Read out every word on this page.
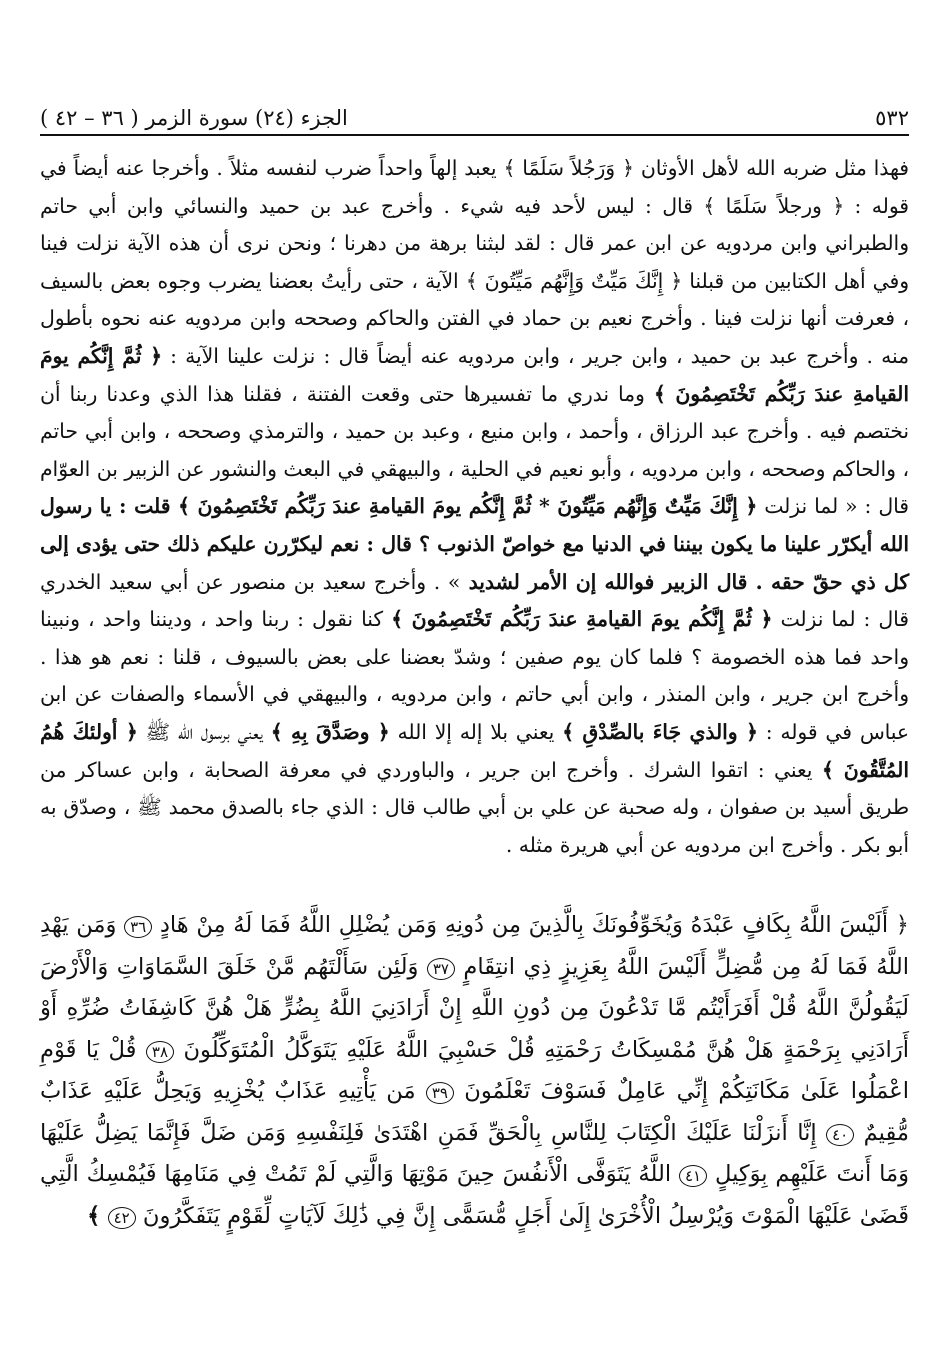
٥٣٢
الجزء (٢٤) سورة الزمر ( ٣٦ – ٤٢ )

فهذا مثل ضربه الله لأهل الأوثان ﴿ وَرَجُلاً سَلَمًا ﴾ يعبد إلهاً واحداً ضرب لنفسه مثلاً . وأخرجا عنه أيضاً في قوله : ﴿ ورجلاً سَلَمًا ﴾ قال : ليس لأحد فيه شيء . وأخرج عبد بن حميد والنسائي وابن أبي حاتم والطبراني وابن مردويه عن ابن عمر قال : لقد لبثنا برهة من دهرنا ؛ ونحن نرى أن هذه الآية نزلت فينا وفي أهل الكتابين من قبلنا ﴿ إِنَّكَ مَيِّتٌ وَإِنَّهُم مَيِّتُونَ ﴾ الآية ، حتى رأيتُ بعضنا يضرب وجوه بعض بالسيف ، فعرفت أنها نزلت فينا . وأخرج نعيم بن حماد في الفتن والحاكم وصححه وابن مردويه عنه نحوه بأطول منه . وأخرج عبد بن حميد ، وابن جرير ، وابن مردويه عنه أيضاً قال : نزلت علينا الآية : ﴿ ثُمَّ إِنَّكُم يومَ القيامةِ عندَ رَبِّكُم تَخْتَصِمُونَ ﴾ وما ندري ما تفسيرها حتى وقعت الفتنة ، فقلنا هذا الذي وعدنا ربنا أن نختصم فيه . وأخرج عبد الرزاق ، وأحمد ، وابن منيع ، وعبد بن حميد ، والترمذي وصححه ، وابن أبي حاتم ، والحاكم وصححه ، وابن مردويه ، وأبو نعيم في الحلية ، والبيهقي في البعث والنشور عن الزبير بن العوّام قال : « لما نزلت ﴿ إِنَّكَ مَيِّتٌ وَإِنَّهُم مَيِّتُونَ * ثُمَّ إِنَّكُم يومَ القيامةِ عندَ رَبِّكُم تَخْتَصِمُونَ ﴾ قلت : يا رسول الله أيكرّر علينا ما يكون بيننا في الدنيا مع خواصّ الذنوب ؟ قال : نعم ليكرّرن عليكم ذلك حتى يؤدى إلى كل ذي حقّ حقه . قال الزبير فوالله إن الأمر لشديد » . وأخرج سعيد بن منصور عن أبي سعيد الخدري قال : لما نزلت ﴿ ثُمَّ إِنَّكُم يومَ القيامةِ عندَ رَبِّكُم تَخْتَصِمُونَ ﴾ كنا نقول : ربنا واحد ، وديننا واحد ، ونبينا واحد فما هذه الخصومة ؟ فلما كان يوم صفين ؛ وشدّ بعضنا على بعض بالسيوف ، قلنا : نعم هو هذا . وأخرج ابن جرير ، وابن المنذر ، وابن أبي حاتم ، وابن مردويه ، والبيهقي في الأسماء والصفات عن ابن عباس في قوله : ﴿ والذي جَاءَ بالصِّدْقِ ﴾ يعني بلا إله إلا الله ﴿ وصَدَّقَ بِهِ ﴾ يعني برسول الله ﷺ ﴿ أولئكَ هُمُ المُتَّقُونَ ﴾ يعني : اتقوا الشرك . وأخرج ابن جرير ، والباوردي في معرفة الصحابة ، وابن عساكر من طريق أسيد بن صفوان ، وله صحبة عن علي بن أبي طالب قال : الذي جاء بالصدق محمد ﷺ ، وصدّق به أبو بكر . وأخرج ابن مردويه عن أبي هريرة مثله .

﴿ أَلَيْسَ اللَّهُ بِكَافٍ عَبْدَهُ وَيُخَوِّفُونَكَ بِالَّذِينَ مِن دُونِهِ وَمَن يُضْلِلِ اللَّهُ فَمَا لَهُ مِنْ هَادٍ ٣٦ وَمَن يَهْدِ اللَّهُ فَمَا لَهُ مِن مُّضِلٍّ أَلَيْسَ اللَّهُ بِعَزِيزٍ ذِي انتِقَامٍ ٣٧ وَلَئِن سَأَلْتَهُم مَّنْ خَلَقَ السَّمَاوَاتِ وَالْأَرْضَ لَيَقُولُنَّ اللَّهُ قُلْ أَفَرَأَيْتُم مَّا تَدْعُونَ مِن دُونِ اللَّهِ إِنْ أَرَادَنِيَ اللَّهُ بِضُرٍّ هَلْ هُنَّ كَاشِفَاتُ ضُرِّهِ أَوْ أَرَادَنِي بِرَحْمَةٍ هَلْ هُنَّ مُمْسِكَاتُ رَحْمَتِهِ قُلْ حَسْبِيَ اللَّهُ عَلَيْهِ يَتَوَكَّلُ الْمُتَوَكِّلُونَ ٣٨ قُلْ يَا قَوْمِ اعْمَلُوا عَلَىٰ مَكَانَتِكُمْ إِنِّي عَامِلٌ فَسَوْفَ تَعْلَمُونَ ٣٩ مَن يَأْتِيهِ عَذَابٌ يُخْزِيهِ وَيَحِلُّ عَلَيْهِ عَذَابٌ مُّقِيمٌ ٤٠ إِنَّا أَنزَلْنَا عَلَيْكَ الْكِتَابَ لِلنَّاسِ بِالْحَقِّ فَمَنِ اهْتَدَىٰ فَلِنَفْسِهِ وَمَن ضَلَّ فَإِنَّمَا يَضِلُّ عَلَيْهَا وَمَا أَنتَ عَلَيْهِم بِوَكِيلٍ ٤١ اللَّهُ يَتَوَفَّى الْأَنفُسَ حِينَ مَوْتِهَا وَالَّتِي لَمْ تَمُتْ فِي مَنَامِهَا فَيُمْسِكُ الَّتِي قَضَىٰ عَلَيْهَا الْمَوْتَ وَيُرْسِلُ الْأُخْرَىٰ إِلَىٰ أَجَلٍ مُّسَمًّى إِنَّ فِي ذَٰلِكَ لَآيَاتٍ لِّقَوْمٍ يَتَفَكَّرُونَ ٤٢ ﴾
